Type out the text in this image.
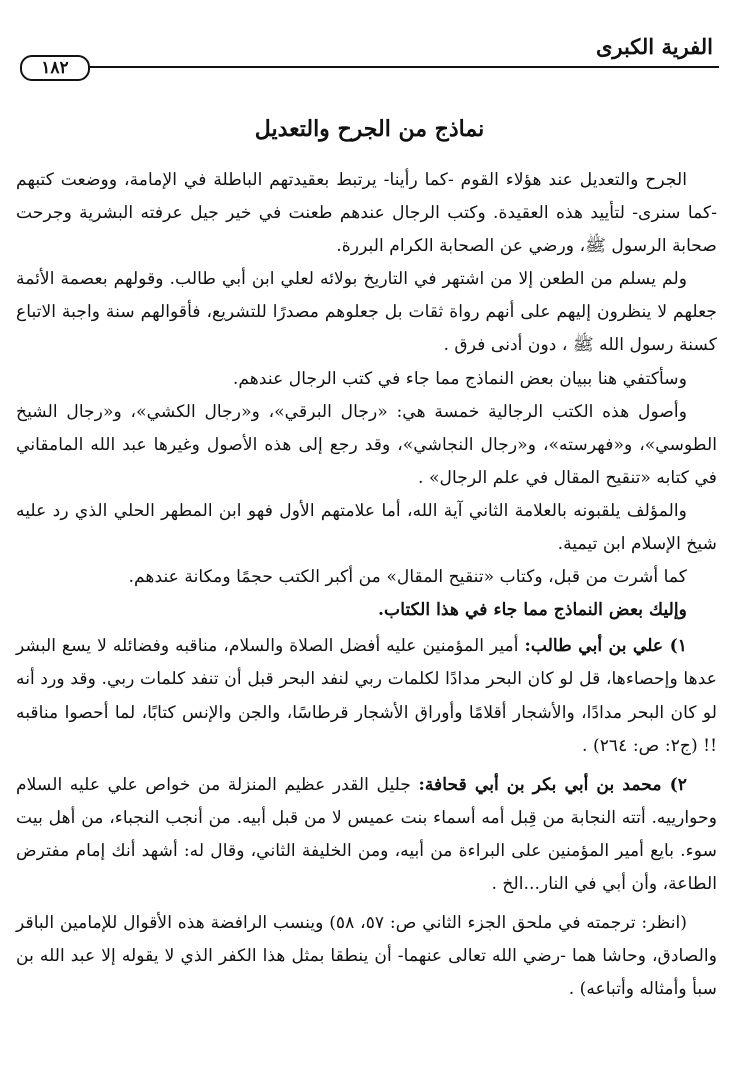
الفرية الكبرى
١٨٢
نماذج من الجرح والتعديل

الجرح والتعديل عند هؤلاء القوم -كما رأينا- يرتبط بعقيدتهم الباطلة في الإمامة، ووضعت كتبهم -كما سنرى- لتأييد هذه العقيدة. وكتب الرجال عندهم طعنت في خير جيل عرفته البشرية وجرحت صحابة الرسول ﷺ، ورضي عن الصحابة الكرام البررة.

ولم يسلم من الطعن إلا من اشتهر في التاريخ بولائه لعلي ابن أبي طالب. وقولهم بعصمة الأئمة جعلهم لا ينظرون إليهم على أنهم رواة ثقات بل جعلوهم مصدرًا للتشريع، فأقوالهم سنة واجبة الاتباع كسنة رسول الله ﷺ ، دون أدنى فرق .

وسأكتفي هنا ببيان بعض النماذج مما جاء في كتب الرجال عندهم.

وأصول هذه الكتب الرجالية خمسة هي: «رجال البرقي»، و«رجال الكشي»، و«رجال الشيخ الطوسي»، و«فهرسته»، و«رجال النجاشي»، وقد رجع إلى هذه الأصول وغيرها عبد الله المامقاني في كتابه «تنقيح المقال في علم الرجال» .

والمؤلف يلقبونه بالعلامة الثاني آية الله، أما علامتهم الأول فهو ابن المطهر الحلي الذي رد عليه شيخ الإسلام ابن تيمية.

كما أشرت من قبل، وكتاب «تنقيح المقال» من أكبر الكتب حجمًا ومكانة عندهم.

وإليك بعض النماذج مما جاء في هذا الكتاب.

١) علي بن أبي طالب: أمير المؤمنين عليه أفضل الصلاة والسلام، مناقبه وفضائله لا يسع البشر عدها وإحصاءها، قل لو كان البحر مدادًا لكلمات ربي لنفد البحر قبل أن تنفد كلمات ربي. وقد ورد أنه لو كان البحر مدادًا، والأشجار أقلامًا وأوراق الأشجار قرطاسًا، والجن والإنس كتابًا، لما أحصوا مناقبه !! (ج٢: ص: ٢٦٤) .

٢) محمد بن أبي بكر بن أبي قحافة: جليل القدر عظيم المنزلة من خواص علي عليه السلام وحوارييه. أتته النجابة من قِبل أمه أسماء بنت عميس لا من قبل أبيه. من أنجب النجباء، من أهل بيت سوء. بايع أمير المؤمنين على البراءة من أبيه، ومن الخليفة الثاني، وقال له: أشهد أنك إمام مفترض الطاعة، وأن أبي في النار...الخ .

(انظر: ترجمته في ملحق الجزء الثاني ص: ٥٧، ٥٨) وينسب الرافضة هذه الأقوال للإمامين الباقر والصادق، وحاشا هما -رضي الله تعالى عنهما- أن ينطقا بمثل هذا الكفر الذي لا يقوله إلا عبد الله بن سبأ وأمثاله وأتباعه) .
